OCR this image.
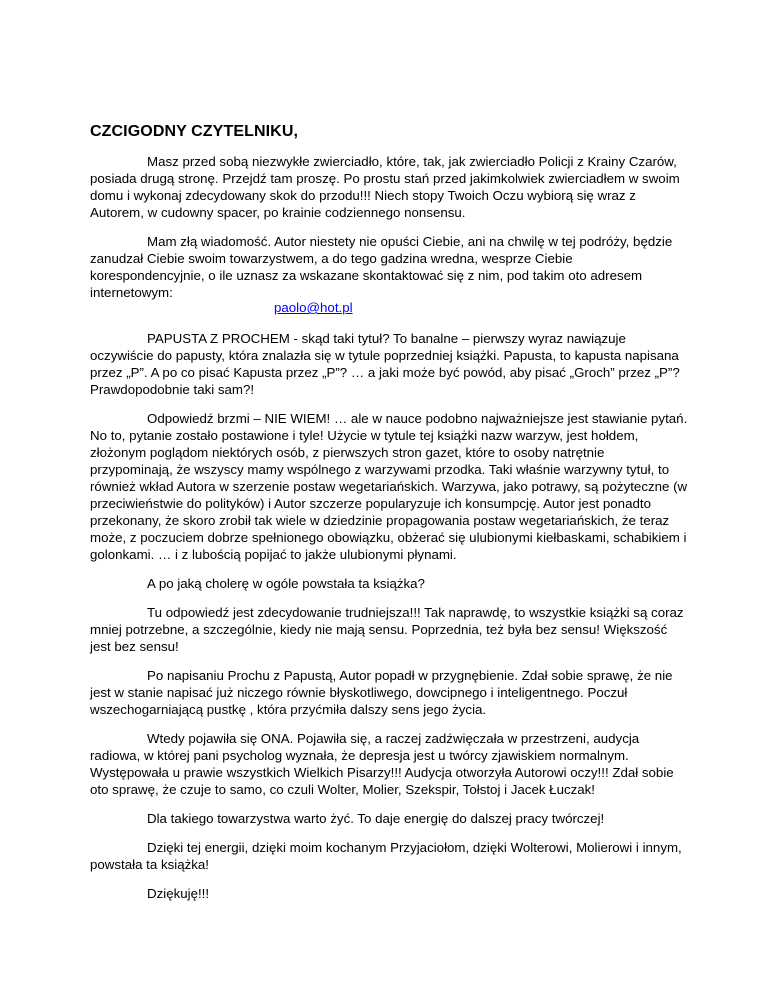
CZCIGODNY CZYTELNIKU,

Masz przed sobą niezwykłe zwierciadło, które, tak, jak zwierciadło Policji z Krainy Czarów, posiada drugą stronę. Przejdź tam proszę. Po prostu stań przed jakimkolwiek zwierciadłem w swoim domu i wykonaj zdecydowany skok do przodu!!! Niech stopy Twoich Oczu wybiorą się wraz z Autorem, w cudowny spacer, po krainie codziennego nonsensu.

Mam złą wiadomość. Autor niestety nie opuści Ciebie, ani na chwilę w tej podróży, będzie zanudzał Ciebie swoim towarzystwem, a do tego gadzina wredna, wesprze Ciebie korespondencyjnie, o ile uznasz za wskazane skontaktować się z nim, pod takim oto adresem internetowym:

paolo@hot.pl

PAPUSTA Z PROCHEM - skąd taki tytuł? To banalne – pierwszy wyraz nawiązuje oczywiście do papusty, która znalazła się w tytule poprzedniej książki. Papusta, to kapusta napisana przez „P”. A po co pisać Kapusta przez „P”? … a jaki może być powód, aby pisać „Groch” przez „P”? Prawdopodobnie taki sam?!

Odpowiedź brzmi – NIE WIEM! … ale w nauce podobno najważniejsze jest stawianie pytań. No to, pytanie zostało postawione i tyle! Użycie w tytule tej książki nazw warzyw, jest hołdem, złożonym poglądom niektórych osób, z pierwszych stron gazet, które to osoby natrętnie przypominają, że wszyscy mamy wspólnego z warzywami przodka. Taki właśnie warzywny tytuł, to również wkład Autora w szerzenie postaw wegetariańskich. Warzywa, jako potrawy, są pożyteczne (w przeciwieństwie do polityków) i Autor szczerze popularyzuje ich konsumpcję. Autor jest ponadto przekonany, że skoro zrobił tak wiele w dziedzinie propagowania postaw wegetariańskich, że teraz może, z poczuciem dobrze spełnionego obowiązku, obżerać się ulubionymi kiełbaskami, schabikiem i golonkami. … i z lubością popijać to jakże ulubionymi płynami.

A po jaką cholerę w ogóle powstała ta książka?

Tu odpowiedź jest zdecydowanie trudniejsza!!! Tak naprawdę, to wszystkie książki są coraz mniej potrzebne, a szczególnie, kiedy nie mają sensu. Poprzednia, też była bez sensu! Większość jest bez sensu!

Po napisaniu Prochu z Papustą, Autor popadł w przygnębienie. Zdał sobie sprawę, że nie jest w stanie napisać już niczego równie błyskotliwego, dowcipnego i inteligentnego. Poczuł wszechogarniającą pustkę , która przyćmiła dalszy sens jego życia.

Wtedy pojawiła się ONA. Pojawiła się, a raczej zadźwięczała w przestrzeni, audycja radiowa, w której pani psycholog wyznała, że depresja jest u twórcy zjawiskiem normalnym. Występowała u prawie wszystkich Wielkich Pisarzy!!! Audycja otworzyła Autorowi oczy!!! Zdał sobie oto sprawę, że czuje to samo, co czuli Wolter, Molier, Szekspir, Tołstoj i Jacek Łuczak!

Dla takiego towarzystwa warto żyć. To daje energię do dalszej pracy twórczej!

Dzięki tej energii, dzięki moim kochanym Przyjaciołom, dzięki Wolterowi, Molierowi i innym, powstała ta książka!

Dziękuję!!!
